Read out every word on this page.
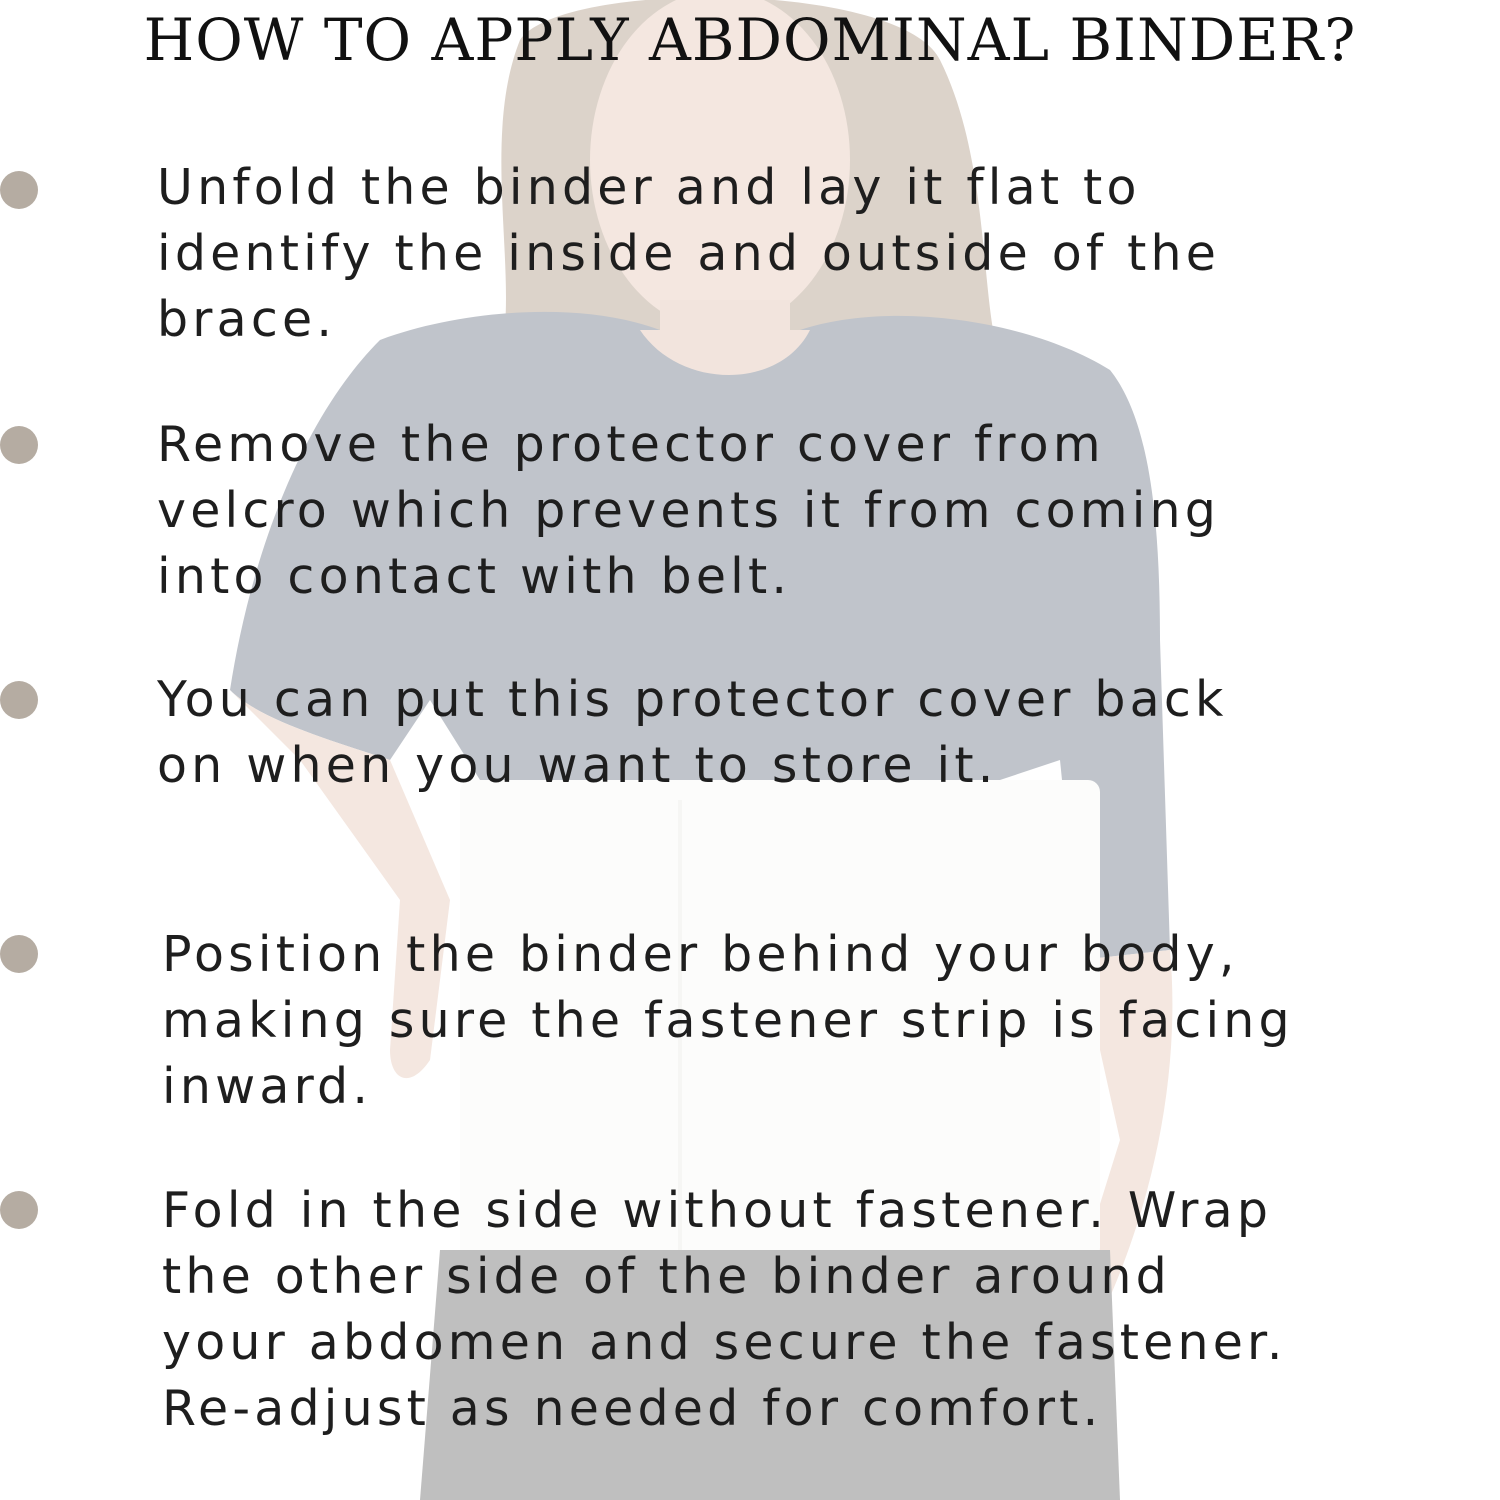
HOW TO APPLY ABDOMINAL BINDER?

Unfold the binder and lay it flat to
identify the inside and outside of the
brace.

Remove the protector cover from
velcro which prevents it from coming
into contact with belt.

You can put this protector cover back
on when you want to store it.

Position the binder behind your body,
making sure the fastener strip is facing
inward.

Fold in the side without fastener. Wrap
the other side of the binder around
your abdomen and secure the fastener.
Re-adjust as needed for comfort.
